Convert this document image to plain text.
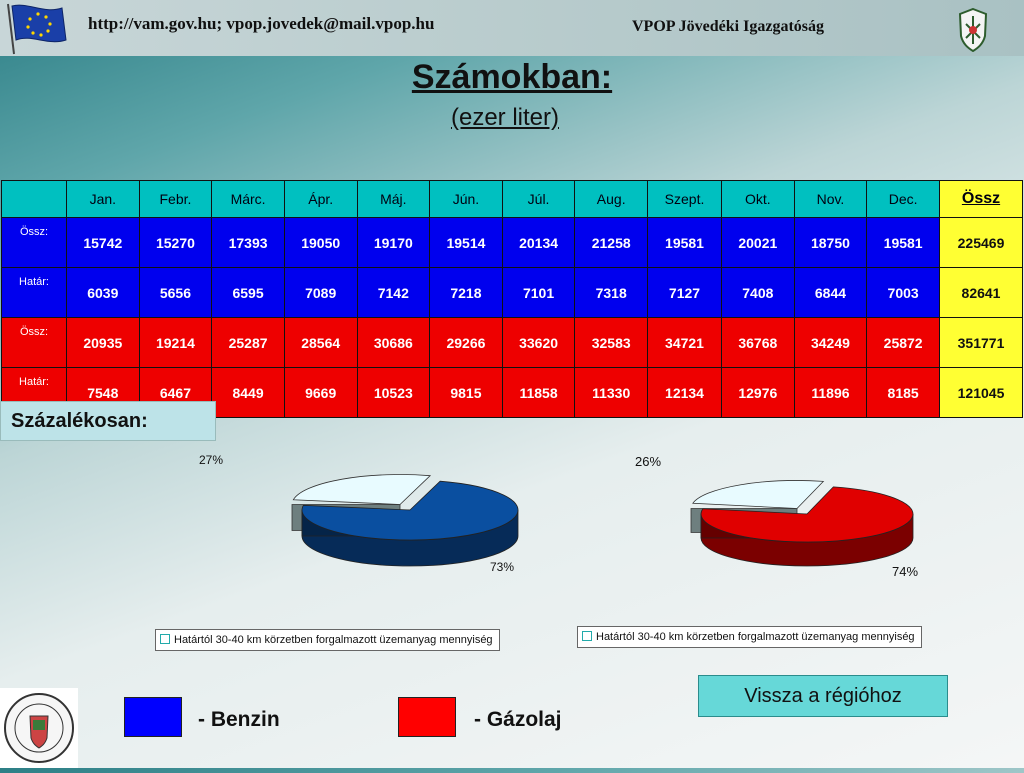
http://vam.gov.hu; vpop.jovedek@mail.vpop.hu	VPOP Jövedéki Igazgatóság
Számokban:
(ezer liter)
	Jan.	Febr.	Márc.	Ápr.	Máj.	Jún.	Júl.	Aug.	Szept.	Okt.	Nov.	Dec.	Össz
Össz:	15742	15270	17393	19050	19170	19514	20134	21258	19581	20021	18750	19581	225469
Határ:	6039	5656	6595	7089	7142	7218	7101	7318	7127	7408	6844	7003	82641
Össz:	20935	19214	25287	28564	30686	29266	33620	32583	34721	36768	34249	25872	351771
Határ:	7548	6467	8449	9669	10523	9815	11858	11330	12134	12976	11896	8185	121045
Százalékosan:
27%
73%
Határtól 30-40 km körzetben forgalmazott üzemanyag mennyiség
26%
74%
Határtól 30-40 km körzetben forgalmazott üzemanyag mennyiség
Vissza a régióhoz
- Benzin	- Gázolaj
